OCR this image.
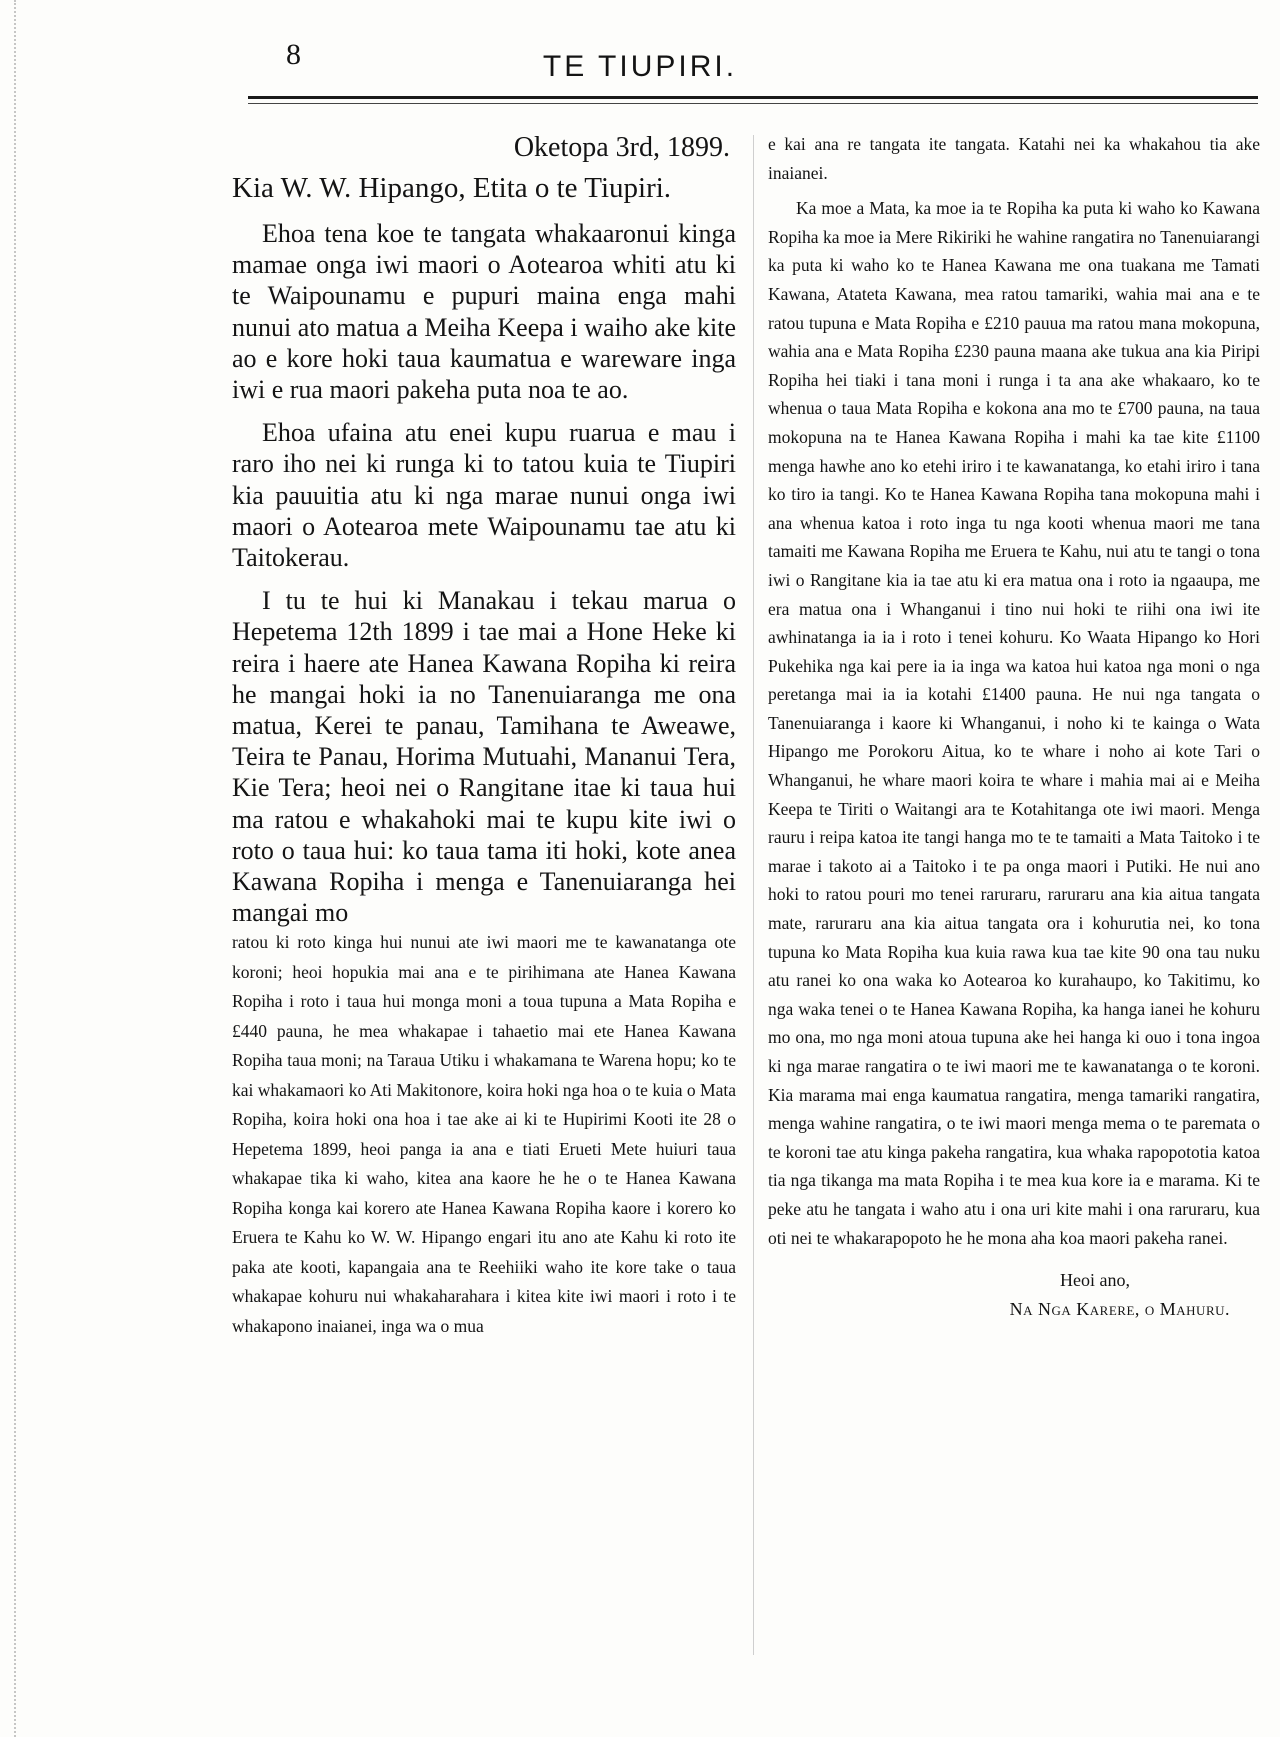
8	TE TIUPIRI.

Oketopa 3rd, 1899.

Kia W. W. Hipango, Etita o te Tiupiri.

Ehoa tena koe te tangata whakaaronui kinga mamae onga iwi maori o Aotearoa whiti atu ki te Waipounamu e pupuri maina enga mahi nunui ato matua a Meiha Keepa i waiho ake kite ao e kore hoki taua kaumatua e wareware inga iwi e rua maori pakeha puta noa te ao.

Ehoa ufaina atu enei kupu ruarua e mau i raro iho nei ki runga ki to tatou kuia te Tiupiri kia pauuitia atu ki nga marae nunui onga iwi maori o Aotearoa mete Waipounamu tae atu ki Taitokerau.

I tu te hui ki Manakau i tekau marua o Hepetema 12th 1899 i tae mai a Hone Heke ki reira i haere ate Hanea Kawana Ropiha ki reira he mangai hoki ia no Tanenuiaranga me ona matua, Kerei te panau, Tamihana te Aweawe, Teira te Panau, Horima Mutuahi, Mananui Tera, Kie Tera; heoi nei o Rangitane itae ki taua hui ma ratou e whakahoki mai te kupu kite iwi o roto o taua hui: ko taua tama iti hoki, kote anea Kawana Ropiha i menga e Tanenuiaranga hei mangai mo

ratou ki roto kinga hui nunui ate iwi maori me te kawanatanga ote koroni; heoi hopukia mai ana e te pirihimana ate Hanea Kawana Ropiha i roto i taua hui monga moni a toua tupuna a Mata Ropiha e £440 pauna, he mea whakapae i tahaetio mai ete Hanea Kawana Ropiha taua moni; na Taraua Utiku i whakamana te Warena hopu; ko te kai whakamaori ko Ati Makitonore, koira hoki nga hoa o te kuia o Mata Ropiha, koira hoki ona hoa i tae ake ai ki te Hupirimi Kooti ite 28 o Hepetema 1899, heoi panga ia ana e tiati Erueti Mete huiuri taua whakapae tika ki waho, kitea ana kaore he he o te Hanea Kawana Ropiha konga kai korero ate Hanea Kawana Ropiha kaore i korero ko Eruera te Kahu ko W. W. Hipango engari itu ano ate Kahu ki roto ite paka ate kooti, kapangaia ana te Reehiiki waho ite kore take o taua whakapae kohuru nui whakaharahara i kitea kite iwi maori i roto i te whakapono inaianei, inga wa o mua

e kai ana re tangata ite tangata. Katahi nei ka whakahou tia ake inaianei.

Ka moe a Mata, ka moe ia te Ropiha ka puta ki waho ko Kawana Ropiha ka moe ia Mere Rikiriki he wahine rangatira no Tanenuiarangi ka puta ki waho ko te Hanea Kawana me ona tuakana me Tamati Kawana, Atateta Kawana, mea ratou tamariki, wahia mai ana e te ratou tupuna e Mata Ropiha e £210 pauua ma ratou mana mokopuna, wahia ana e Mata Ropiha £230 pauna maana ake tukua ana kia Piripi Ropiha hei tiaki i tana moni i runga i ta ana ake whakaaro, ko te whenua o taua Mata Ropiha e kokona ana mo te £700 pauna, na taua mokopuna na te Hanea Kawana Ropiha i mahi ka tae kite £1100 menga hawhe ano ko etehi iriro i te kawanatanga, ko etahi iriro i tana ko tiro ia tangi. Ko te Hanea Kawana Ropiha tana mokopuna mahi i ana whenua katoa i roto inga tu nga kooti whenua maori me tana tamaiti me Kawana Ropiha me Eruera te Kahu, nui atu te tangi o tona iwi o Rangitane kia ia tae atu ki era matua ona i roto ia ngaaupa, me era matua ona i Whanganui i tino nui hoki te riihi ona iwi ite awhinatanga ia ia i roto i tenei kohuru. Ko Waata Hipango ko Hori Pukehika nga kai pere ia ia inga wa katoa hui katoa nga moni o nga peretanga mai ia ia kotahi £1400 pauna. He nui nga tangata o Tanenuiaranga i kaore ki Whanganui, i noho ki te kainga o Wata Hipango me Porokoru Aitua, ko te whare i noho ai kote Tari o Whanganui, he whare maori koira te whare i mahia mai ai e Meiha Keepa te Tiriti o Waitangi ara te Kotahitanga ote iwi maori. Menga rauru i reipa katoa ite tangi hanga mo te te tamaiti a Mata Taitoko i te marae i takoto ai a Taitoko i te pa onga maori i Putiki. He nui ano hoki to ratou pouri mo tenei raruraru, raruraru ana kia aitua tangata mate, raruraru ana kia aitua tangata ora i kohurutia nei, ko tona tupuna ko Mata Ropiha kua kuia rawa kua tae kite 90 ona tau nuku atu ranei ko ona waka ko Aotearoa ko kurahaupo, ko Takitimu, ko nga waka tenei o te Hanea Kawana Ropiha, ka hanga ianei he kohuru mo ona, mo nga moni atoua tupuna ake hei hanga ki ouo i tona ingoa ki nga marae rangatira o te iwi maori me te kawanatanga o te koroni. Kia marama mai enga kaumatua rangatira, menga tamariki rangatira, menga wahine rangatira, o te iwi maori menga mema o te paremata o te koroni tae atu kinga pakeha rangatira, kua whaka rapopototia katoa tia nga tikanga ma mata Ropiha i te mea kua kore ia e marama. Ki te peke atu he tangata i waho atu i ona uri kite mahi i ona raruraru, kua oti nei te whakarapopoto he he mona aha koa maori pakeha ranei.

Heoi ano,

Na Nga Karere, o Mahuru.
